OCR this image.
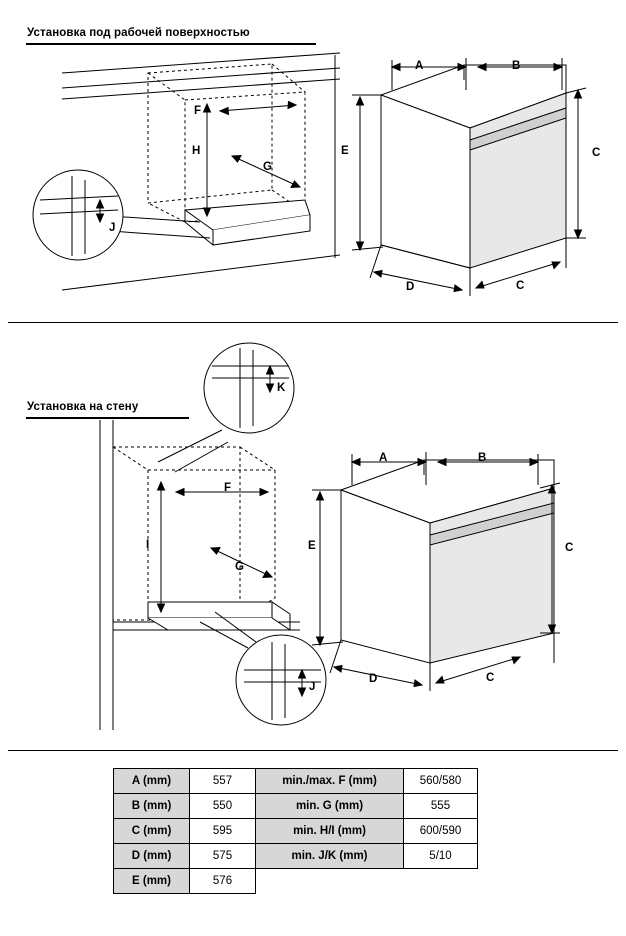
Установка под рабочей поверхностью
F
G
H
J
A	B
C
E
D	C
Установка на стену
K
F
G
I
J
A	B
C
E
D	C
A (mm)	557	min./max. F (mm)	560/580
B (mm)	550	min. G (mm)	555
C (mm)	595	min. H/I (mm)	600/590
D (mm)	575	min. J/K (mm)	5/10
E (mm)	576		
